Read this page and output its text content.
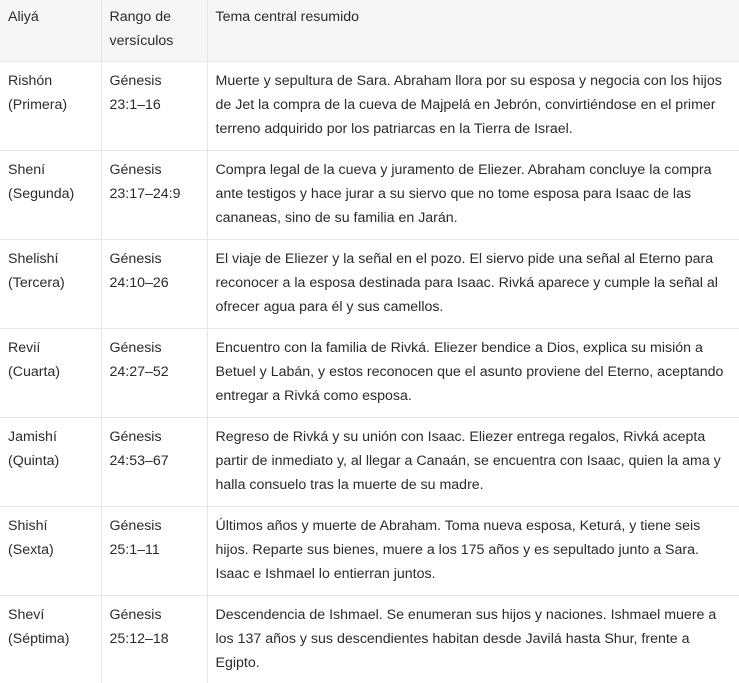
Aliyá	Rango de versículos	Tema central resumido
Rishón (Primera)	Génesis 23:1–16	Muerte y sepultura de Sara. Abraham llora por su esposa y negocia con los hijos de Jet la compra de la cueva de Majpelá en Jebrón, convirtiéndose en el primer terreno adquirido por los patriarcas en la Tierra de Israel.
Shení (Segunda)	Génesis 23:17–24:9	Compra legal de la cueva y juramento de Eliezer. Abraham concluye la compra ante testigos y hace jurar a su siervo que no tome esposa para Isaac de las cananeas, sino de su familia en Jarán.
Shelishí (Tercera)	Génesis 24:10–26	El viaje de Eliezer y la señal en el pozo. El siervo pide una señal al Eterno para reconocer a la esposa destinada para Isaac. Rivká aparece y cumple la señal al ofrecer agua para él y sus camellos.
Revií (Cuarta)	Génesis 24:27–52	Encuentro con la familia de Rivká. Eliezer bendice a Dios, explica su misión a Betuel y Labán, y estos reconocen que el asunto proviene del Eterno, aceptando entregar a Rivká como esposa.
Jamishí (Quinta)	Génesis 24:53–67	Regreso de Rivká y su unión con Isaac. Eliezer entrega regalos, Rivká acepta partir de inmediato y, al llegar a Canaán, se encuentra con Isaac, quien la ama y halla consuelo tras la muerte de su madre.
Shishí (Sexta)	Génesis 25:1–11	Últimos años y muerte de Abraham. Toma nueva esposa, Keturá, y tiene seis hijos. Reparte sus bienes, muere a los 175 años y es sepultado junto a Sara. Isaac e Ishmael lo entierran juntos.
Sheví (Séptima)	Génesis 25:12–18	Descendencia de Ishmael. Se enumeran sus hijos y naciones. Ishmael muere a los 137 años y sus descendientes habitan desde Javilá hasta Shur, frente a Egipto.
